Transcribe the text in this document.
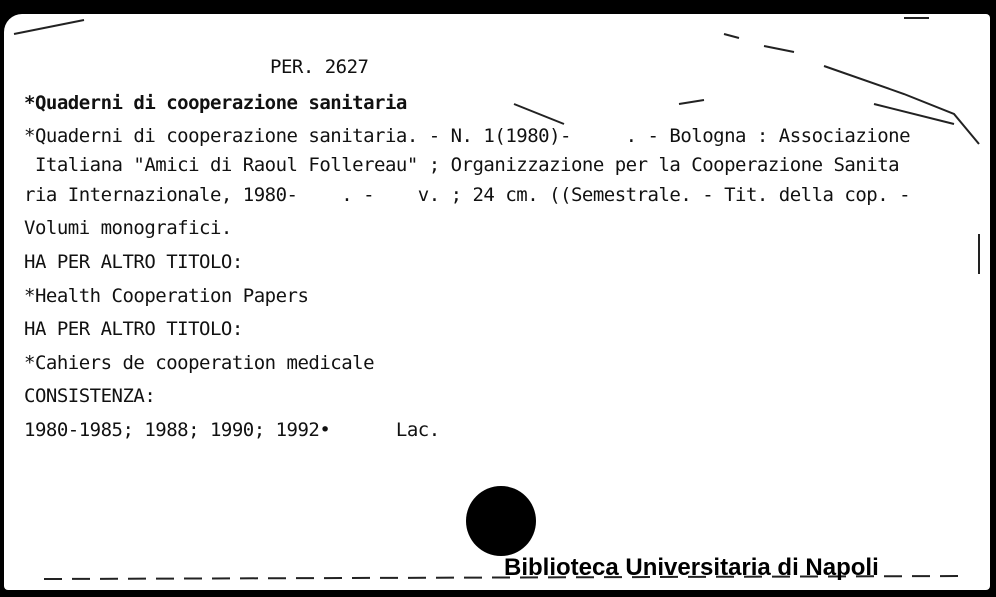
PER. 2627
*Quaderni di cooperazione sanitaria
*Quaderni di cooperazione sanitaria. - N. 1(1980)-     . - Bologna : Associazione
Italiana "Amici di Raoul Follereau" ; Organizzazione per la Cooperazione Sanita
ria Internazionale, 1980-    . -    v. ; 24 cm. ((Semestrale. - Tit. della cop. -
Volumi monografici.
HA PER ALTRO TITOLO:
*Health Cooperation Papers
HA PER ALTRO TITOLO:
*Cahiers de cooperation medicale
CONSISTENZA:
1980-1985; 1988; 1990; 1992•      Lac.
Biblioteca Universitaria di Napoli
